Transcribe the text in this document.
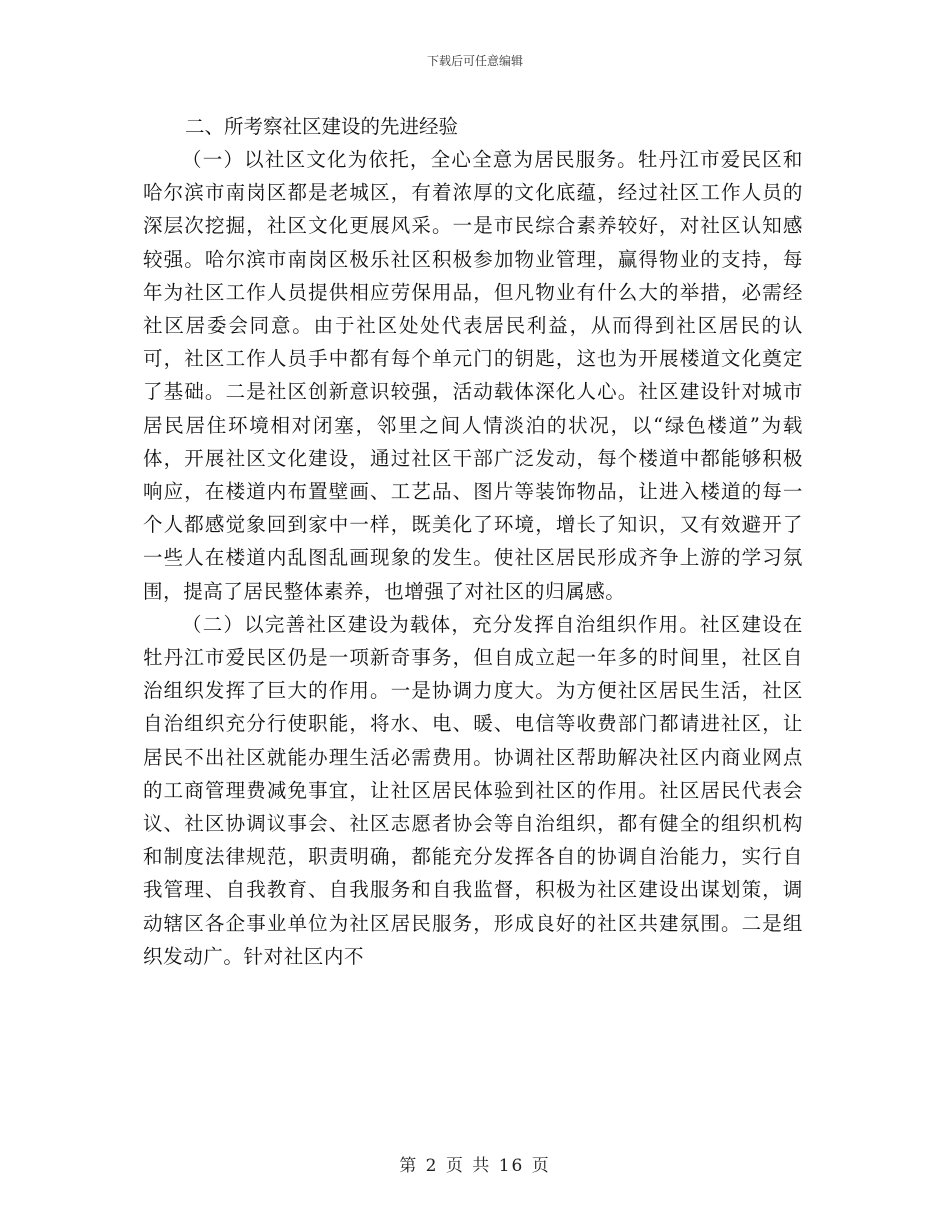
下载后可任意编辑

二、所考察社区建设的先进经验

（一）以社区文化为依托，全心全意为居民服务。牡丹江市爱民区和哈尔滨市南岗区都是老城区，有着浓厚的文化底蕴，经过社区工作人员的深层次挖掘，社区文化更展风采。一是市民综合素养较好，对社区认知感较强。哈尔滨市南岗区极乐社区积极参加物业管理，赢得物业的支持，每年为社区工作人员提供相应劳保用品，但凡物业有什么大的举措，必需经社区居委会同意。由于社区处处代表居民利益，从而得到社区居民的认可，社区工作人员手中都有每个单元门的钥匙，这也为开展楼道文化奠定了基础。二是社区创新意识较强，活动载体深化人心。社区建设针对城市居民居住环境相对闭塞，邻里之间人情淡泊的状况，以“绿色楼道”为载体，开展社区文化建设，通过社区干部广泛发动，每个楼道中都能够积极响应，在楼道内布置壁画、工艺品、图片等装饰物品，让进入楼道的每一个人都感觉象回到家中一样，既美化了环境，增长了知识，又有效避开了一些人在楼道内乱图乱画现象的发生。使社区居民形成齐争上游的学习氛围，提高了居民整体素养，也增强了对社区的归属感。

（二）以完善社区建设为载体，充分发挥自治组织作用。社区建设在牡丹江市爱民区仍是一项新奇事务，但自成立起一年多的时间里，社区自治组织发挥了巨大的作用。一是协调力度大。为方便社区居民生活，社区自治组织充分行使职能，将水、电、暖、电信等收费部门都请进社区，让居民不出社区就能办理生活必需费用。协调社区帮助解决社区内商业网点的工商管理费减免事宜，让社区居民体验到社区的作用。社区居民代表会议、社区协调议事会、社区志愿者协会等自治组织，都有健全的组织机构和制度法律规范，职责明确，都能充分发挥各自的协调自治能力，实行自我管理、自我教育、自我服务和自我监督，积极为社区建设出谋划策，调动辖区各企事业单位为社区居民服务，形成良好的社区共建氛围。二是组织发动广。针对社区内不

第 2 页 共 16 页
